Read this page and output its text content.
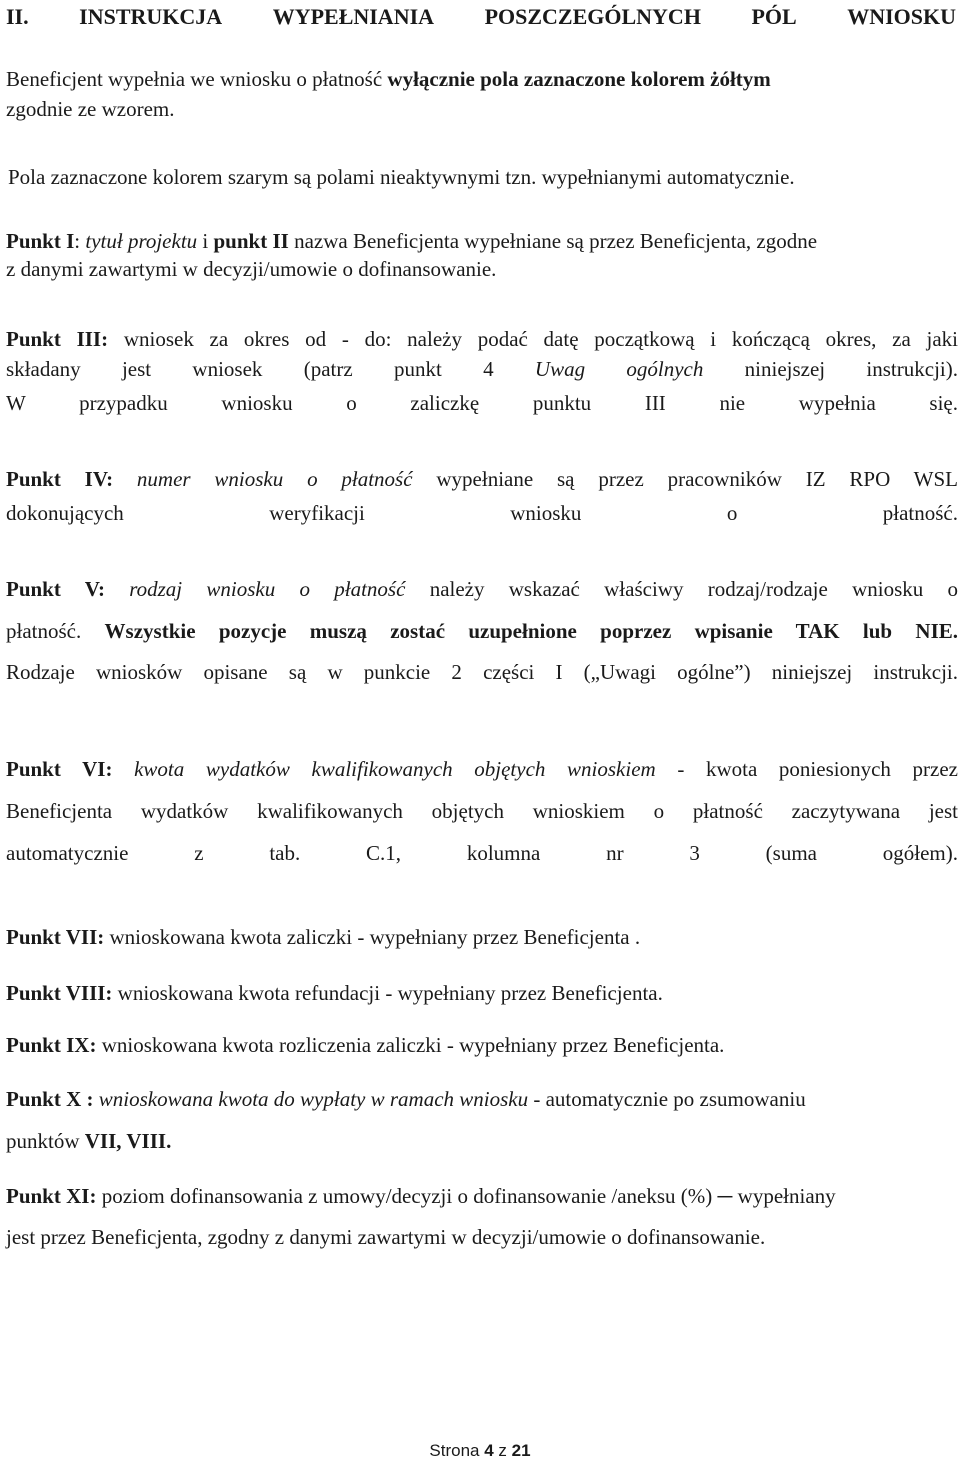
II. INSTRUKCJA WYPEŁNIANIA POSZCZEGÓLNYCH PÓL WNIOSKU
Beneficjent wypełnia we wniosku o płatność wyłącznie pola zaznaczone kolorem żółtym
zgodnie ze wzorem.
Pola zaznaczone kolorem szarym są polami nieaktywnymi tzn. wypełnianymi automatycznie.
Punkt I: tytuł projektu i punkt II nazwa Beneficjenta wypełniane są przez Beneficjenta, zgodne
z danymi zawartymi w decyzji/umowie o dofinansowanie.
Punkt III: wniosek za okres od - do: należy podać datę początkową i kończącą okres, za jaki
składany jest wniosek (patrz punkt 4 Uwag ogólnych niniejszej instrukcji).
W przypadku wniosku o zaliczkę punktu III nie wypełnia się.
Punkt IV: numer wniosku o płatność wypełniane są przez pracowników IZ RPO WSL
dokonujących weryfikacji wniosku o płatność.
Punkt V: rodzaj wniosku o płatność należy wskazać właściwy rodzaj/rodzaje wniosku o
płatność. Wszystkie pozycje muszą zostać uzupełnione poprzez wpisanie TAK lub NIE.
Rodzaje wniosków opisane są w punkcie 2 części I („Uwagi ogólne”) niniejszej instrukcji.
Punkt VI: kwota wydatków kwalifikowanych objętych wnioskiem - kwota poniesionych przez
Beneficjenta wydatków kwalifikowanych objętych wnioskiem o płatność zaczytywana jest
automatycznie z tab. C.1, kolumna nr 3 (suma ogółem).
Punkt VII: wnioskowana kwota zaliczki - wypełniany przez Beneficjenta .
Punkt VIII: wnioskowana kwota refundacji - wypełniany przez Beneficjenta.
Punkt IX: wnioskowana kwota rozliczenia zaliczki - wypełniany przez Beneficjenta.
Punkt X : wnioskowana kwota do wypłaty w ramach wniosku - automatycznie po zsumowaniu
punktów VII, VIII.
Punkt XI: poziom dofinansowania z umowy/decyzji o dofinansowanie /aneksu (%) ─ wypełniany
jest przez Beneficjenta, zgodny z danymi zawartymi w decyzji/umowie o dofinansowanie.
Strona 4 z 21
